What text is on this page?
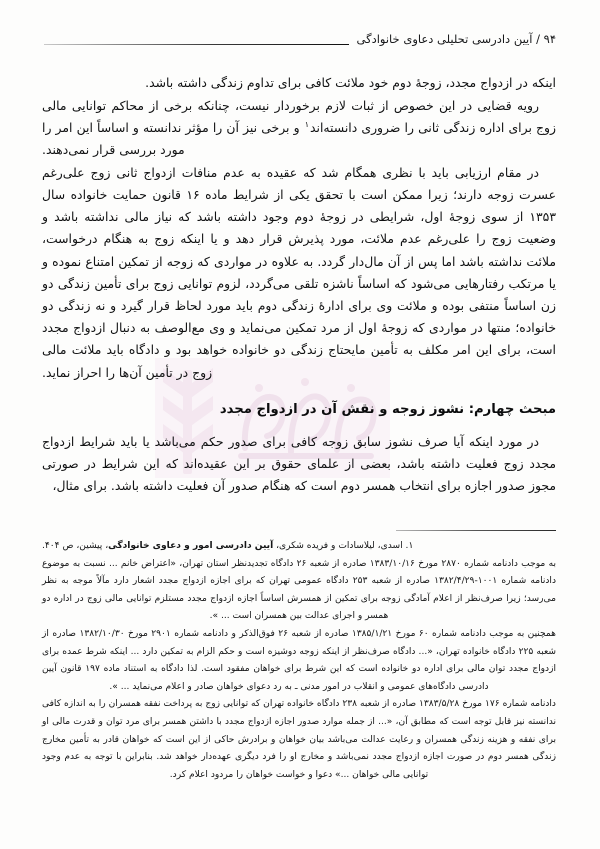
۹۴ / آیین دادرسی تحلیلی دعاوی خانوادگی

اینکه در ازدواج مجدد، زوجۀ دوم خود ملائت کافی برای تداوم زندگی داشته باشد.

رویه قضایی در این خصوص از ثبات لازم برخوردار نیست، چنانکه برخی از محاکم توانایی مالی زوج برای اداره زندگی ثانی را ضروری دانسته‌اند$^۱$ و برخی نیز آن را مؤثر ندانسته و اساساً این امر را مورد بررسی قرار نمی‌دهند.

در مقام ارزیابی باید با نظری همگام شد که عقیده به عدم منافات ازدواج ثانی زوج علی‌رغم عسرت زوجه دارند؛ زیرا ممکن است با تحقق یکی از شرایط ماده ۱۶ قانون حمایت خانواده سال ۱۳۵۳ از سوی زوجۀ اول، شرایطی در زوجۀ دوم وجود داشته باشد که نیاز مالی نداشته باشد و وضعیت زوج را علی‌رغم عدم ملائت، مورد پذیرش قرار دهد و یا اینکه زوج به هنگام درخواست، ملائت نداشته باشد اما پس از آن مال‌دار گردد. به علاوه در مواردی که زوجه از تمکین امتناع نموده و یا مرتکب رفتارهایی می‌شود که اساساً ناشزه تلقی می‌گردد، لزوم توانایی زوج برای تأمین زندگی دو زن اساساً منتفی بوده و ملائت وی برای ادارۀ زندگی دوم باید مورد لحاظ قرار گیرد و نه زندگی دو خانواده؛ منتها در مواردی که زوجۀ اول از مرد تمکین می‌نماید و وی مع‌الوصف به دنبال ازدواج مجدد است، برای این امر مکلف به تأمین مایحتاج زندگی دو خانواده خواهد بود و دادگاه باید ملائت مالی زوج در تأمین آن‌ها را احراز نماید.

مبحث چهارم: نشوز زوجه و نقش آن در ازدواج مجدد

در مورد اینکه آیا صرف نشوز سابق زوجه کافی برای صدور حکم می‌باشد یا باید شرایط ازدواج مجدد زوج فعلیت داشته باشد، بعضی از علمای حقوق بر این عقیده‌اند که این شرایط در صورتی مجوز صدور اجازه برای انتخاب همسر دوم است که هنگام صدور آن فعلیت داشته باشد. برای مثال،

۱. اسدی، لیلاسادات و فریده شکری، آیین دادرسی امور و دعاوی خانوادگی، پیشین، ص ۴۰۴.

به موجب دادنامه شماره ۲۸۷۰ مورخ ۱۳۸۳/۱۰/۱۶ صادره از شعبه ۲۶ دادگاه تجدیدنظر استان تهران، «اعتراض خانم ... نسبت به موضوع دادنامه شماره ۱۰۰۱-۱۳۸۲/۴/۲۹ صادره از شعبه ۲۵۳ دادگاه عمومی تهران که برای اجازه ازدواج مجدد اشعار دارد مآلاً موجه به نظر می‌رسد؛ زیرا صرف‌نظر از اعلام آمادگی زوجه برای تمکین از همسرش اساساً اجازه ازدواج مجدد مستلزم توانایی مالی زوج در اداره دو همسر و اجرای عدالت بین همسران است ... ».

همچنین به موجب دادنامه شماره ۶۰ مورخ ۱۳۸۵/۱/۲۱ صادره از شعبه ۲۶ فوق‌الذکر و دادنامه شماره ۲۹۰۱ مورخ ۱۳۸۲/۱۰/۳۰ صادره از شعبه ۲۲۵ دادگاه خانواده تهران، «... دادگاه صرف‌نظر از اینکه زوجه دوشیزه است و حکم الزام به تمکین دارد ... اینکه شرط عمده برای ازدواج مجدد توان مالی برای اداره دو خانواده است که این شرط برای خواهان مفقود است. لذا دادگاه به استناد ماده ۱۹۷ قانون آیین دادرسی دادگاه‌های عمومی و انقلاب در امور مدنی ـ به رد دعوای خواهان صادر و اعلام می‌نماید ... ».

دادنامه شماره ۱۷۶ مورخ ۱۳۸۳/۵/۲۸ صادره از شعبه ۲۳۸ دادگاه خانواده تهران که توانایی زوج به پرداخت نفقه همسران را به اندازه کافی ندانسته نیز قابل توجه است که مطابق آن، «... از جمله موارد صدور اجازه ازدواج مجدد با داشتن همسر برای مرد توان و قدرت مالی او برای نفقه و هزینه زندگی همسران و رعایت عدالت می‌باشد بیان خواهان و برادرش حاکی از این است که خواهان قادر به تأمین مخارج زندگی همسر دوم در صورت اجازه ازدواج مجدد نمی‌باشد و مخارج او را فرد دیگری عهده‌دار خواهد شد. بنابراین با توجه به عدم وجود توانایی مالی خواهان ...» دعوا و خواست خواهان را مردود اعلام کرد.
